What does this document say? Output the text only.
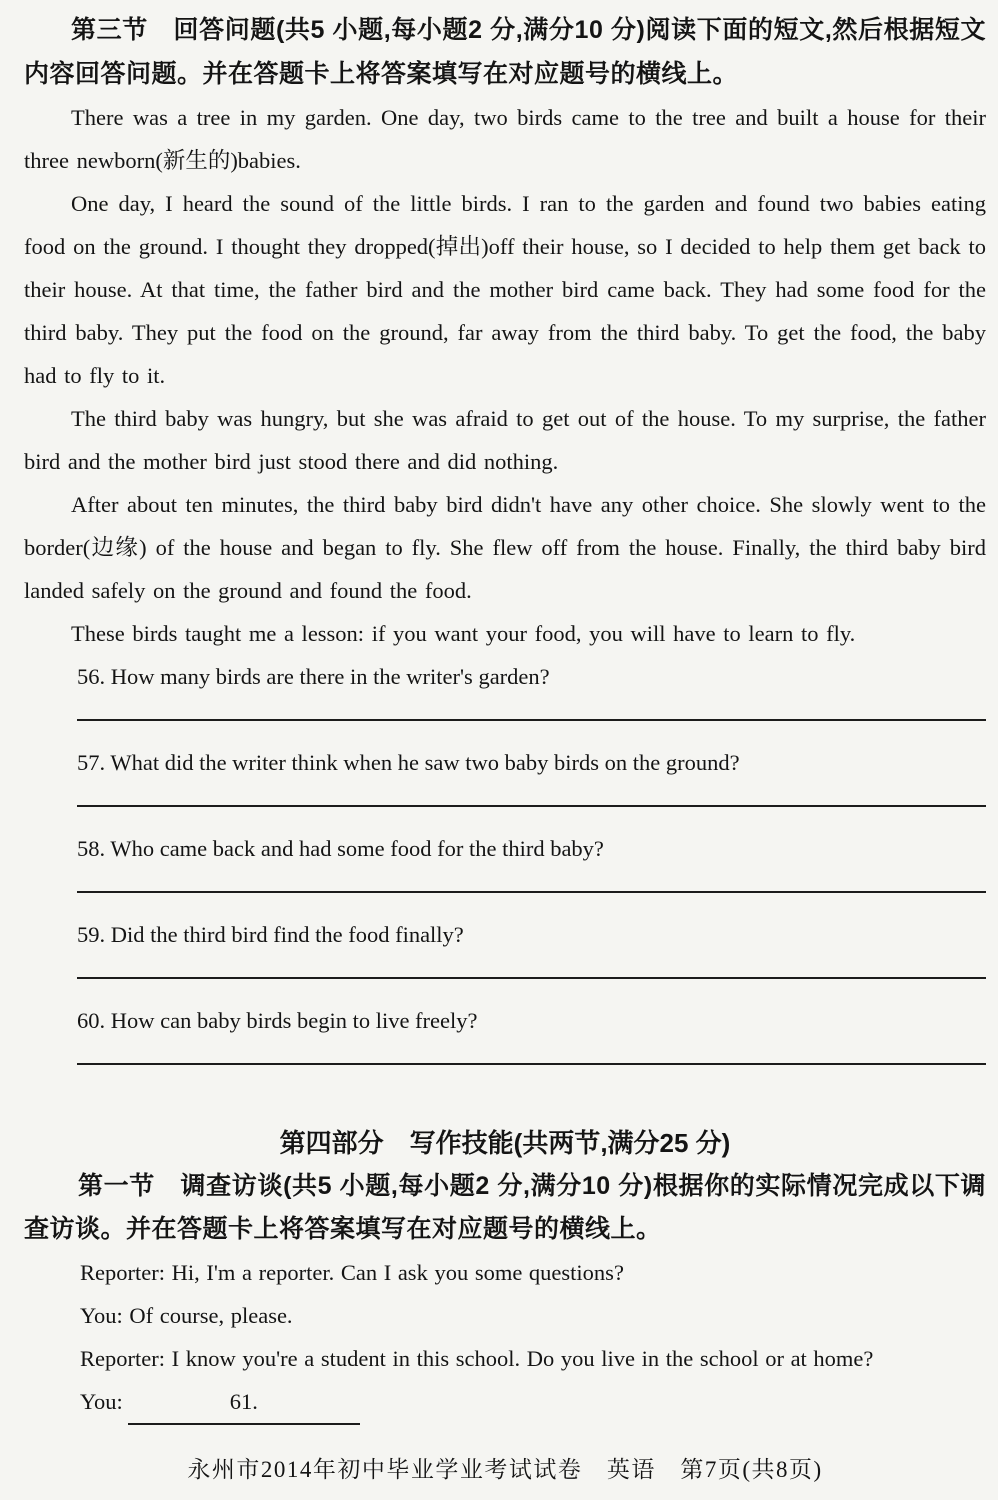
第三节　回答问题(共5 小题,每小题2 分,满分10 分)阅读下面的短文,然后根据短文内容回答问题。并在答题卡上将答案填写在对应题号的横线上。

There was a tree in my garden. One day, two birds came to the tree and built a house for their three newborn(新生的)babies.

One day, I heard the sound of the little birds. I ran to the garden and found two babies eating food on the ground. I thought they dropped(掉出)off their house, so I decided to help them get back to their house. At that time, the father bird and the mother bird came back. They had some food for the third baby. They put the food on the ground, far away from the third baby. To get the food, the baby had to fly to it.

The third baby was hungry, but she was afraid to get out of the house. To my surprise, the father bird and the mother bird just stood there and did nothing.

After about ten minutes, the third baby bird didn't have any other choice. She slowly went to the border(边缘) of the house and began to fly. She flew off from the house. Finally, the third baby bird landed safely on the ground and found the food.

These birds taught me a lesson: if you want your food, you will have to learn to fly.

56. How many birds are there in the writer's garden?

57. What did the writer think when he saw two baby birds on the ground?

58. Who came back and had some food for the third baby?

59. Did the third bird find the food finally?

60. How can baby birds begin to live freely?

第四部分　写作技能(共两节,满分25 分)

第一节　调查访谈(共5 小题,每小题2 分,满分10 分)根据你的实际情况完成以下调查访谈。并在答题卡上将答案填写在对应题号的横线上。

Reporter: Hi, I'm a reporter. Can I ask you some questions?

You: Of course, please.

Reporter: I know you're a student in this school. Do you live in the school or at home?

You:	61.

永州市2014年初中毕业学业考试试卷　英语　第7页(共8页)
